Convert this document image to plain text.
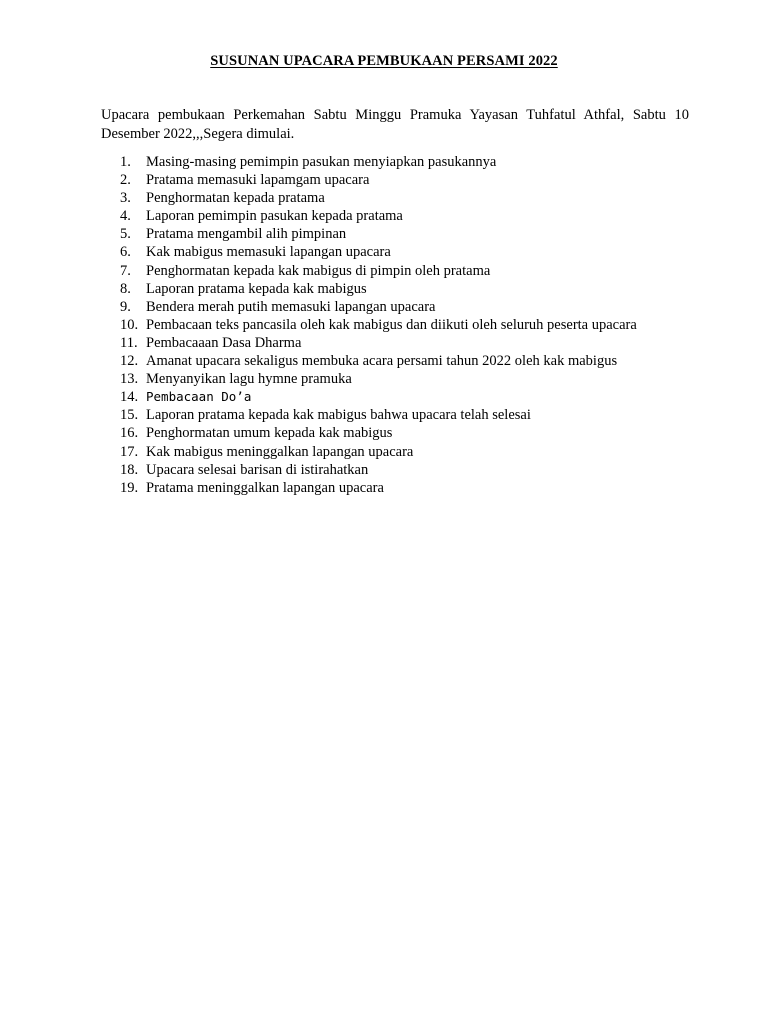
SUSUNAN UPACARA PEMBUKAAN PERSAMI 2022
Upacara pembukaan Perkemahan Sabtu Minggu Pramuka Yayasan Tuhfatul Athfal, Sabtu 10 Desember 2022,,,Segera dimulai.
1.	Masing-masing pemimpin pasukan menyiapkan pasukannya
2.	Pratama memasuki lapamgam upacara
3.	Penghormatan kepada pratama
4.	Laporan pemimpin pasukan kepada pratama
5.	Pratama mengambil alih pimpinan
6.	Kak mabigus memasuki lapangan upacara
7.	Penghormatan kepada kak mabigus di pimpin oleh pratama
8.	Laporan pratama kepada kak mabigus
9.	Bendera merah putih memasuki lapangan upacara
10. Pembacaan teks pancasila oleh kak mabigus dan diikuti oleh seluruh peserta upacara
11. Pembacaaan Dasa Dharma
12. Amanat upacara sekaligus membuka acara persami tahun 2022 oleh kak mabigus
13. Menyanyikan lagu hymne pramuka
14. Pembacaan Do’a
15. Laporan pratama kepada kak mabigus bahwa upacara telah selesai
16. Penghormatan umum kepada kak mabigus
17. Kak mabigus meninggalkan lapangan upacara
18. Upacara selesai barisan di istirahatkan
19. Pratama meninggalkan lapangan upacara
